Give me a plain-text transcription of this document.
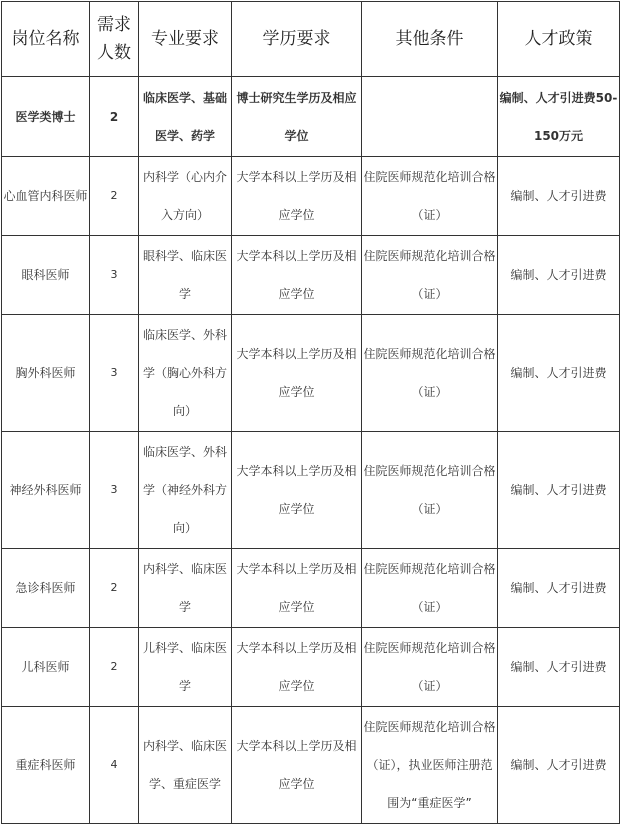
岗位名称	需求人数	专业要求	学历要求	其他条件	人才政策
医学类博士	2	临床医学、基础医学、药学	博士研究生学历及相应学位		编制、人才引进费50-150万元
心血管内科医师	2	内科学（心内介入方向）	大学本科以上学历及相应学位	住院医师规范化培训合格（证）	编制、人才引进费
眼科医师	3	眼科学、临床医学	大学本科以上学历及相应学位	住院医师规范化培训合格（证）	编制、人才引进费
胸外科医师	3	临床医学、外科学（胸心外科方向）	大学本科以上学历及相应学位	住院医师规范化培训合格（证）	编制、人才引进费
神经外科医师	3	临床医学、外科学（神经外科方向）	大学本科以上学历及相应学位	住院医师规范化培训合格（证）	编制、人才引进费
急诊科医师	2	内科学、临床医学	大学本科以上学历及相应学位	住院医师规范化培训合格（证）	编制、人才引进费
儿科医师	2	儿科学、临床医学	大学本科以上学历及相应学位	住院医师规范化培训合格（证）	编制、人才引进费
重症科医师	4	内科学、临床医学、重症医学	大学本科以上学历及相应学位	住院医师规范化培训合格（证），执业医师注册范围为“重症医学”	编制、人才引进费
